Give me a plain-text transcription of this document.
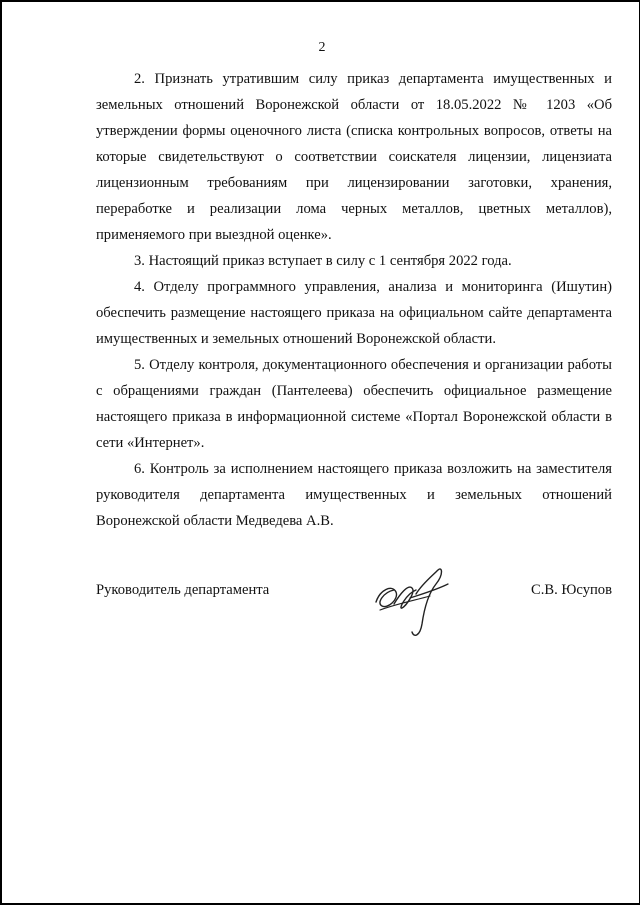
2

2. Признать утратившим силу приказ департамента имущественных и земельных отношений Воронежской области от 18.05.2022 № 1203 «Об утверждении формы оценочного листа (списка контрольных вопросов, ответы на которые свидетельствуют о соответствии соискателя лицензии, лицензиата лицензионным требованиям при лицензировании заготовки, хранения, переработке и реализации лома черных металлов, цветных металлов), применяемого при выездной оценке».

3. Настоящий приказ вступает в силу с 1 сентября 2022 года.

4. Отделу программного управления, анализа и мониторинга (Ишутин) обеспечить размещение настоящего приказа на официальном сайте департамента имущественных и земельных отношений Воронежской области.

5. Отделу контроля, документационного обеспечения и организации работы с обращениями граждан (Пантелеева) обеспечить официальное размещение настоящего приказа в информационной системе «Портал Воронежской области в сети «Интернет».

6. Контроль за исполнением настоящего приказа возложить на заместителя руководителя департамента имущественных и земельных отношений Воронежской области Медведева А.В.

Руководитель департамента	С.В. Юсупов
